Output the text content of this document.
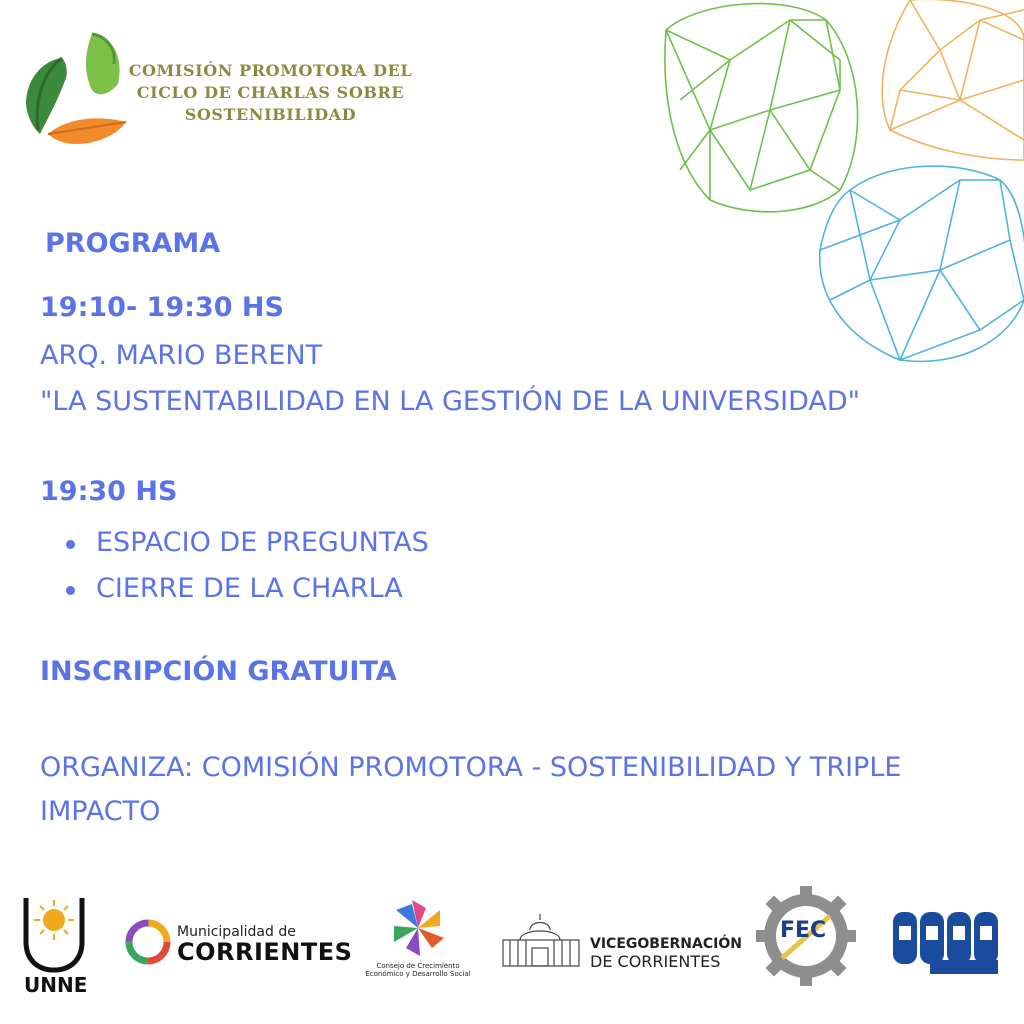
COMISIÓN PROMOTORA DEL
CICLO DE CHARLAS SOBRE
SOSTENIBILIDAD
PROGRAMA
19:10- 19:30 HS
ARQ. MARIO BERENT
"LA SUSTENTABILIDAD EN LA GESTIÓN DE LA UNIVERSIDAD"
19:30 HS
ESPACIO DE PREGUNTAS
CIERRE DE LA CHARLA
INSCRIPCIÓN GRATUITA
ORGANIZA: COMISIÓN PROMOTORA - SOSTENIBILIDAD Y TRIPLE IMPACTO
UNNE
Municipalidad de
CORRIENTES	Consejo de Crecimiento Económico y Desarrollo Social
VICEGOBERNACIÓN
DE CORRIENTES
FEC
corrientes
